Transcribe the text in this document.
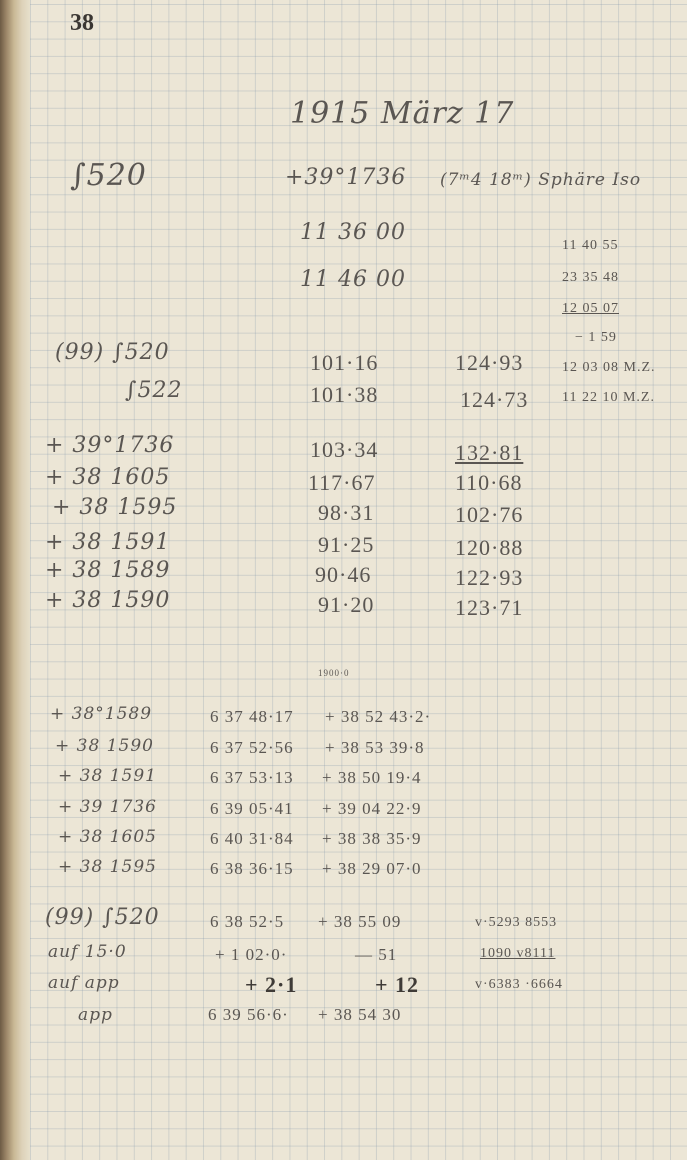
38
1915 März 17
∫520	+39°1736 (7ᵐ4 18ᵐ) Sphäre Iso
11 36 00
11 46 00
11 40 55
23 35 48
12 05 07
− 1 59
12 03 08 M.Z.
11 22 10 M.Z.
(99) ∫520	101·16	124·93
∫522	101·38	124·73
+ 39°1736	103·34	132·81
+ 38 1605	117·67	110·68
+ 38 1595	98·31	102·76
+ 38 1591	91·25	120·88
+ 38 1589	90·46	122·93
+ 38 1590	91·20	123·71
1900·0
+ 38°1589	6 37 48·17 + 38 52 43·2·
+ 38 1590	6 37 52·56 + 38 53 39·8
+ 38 1591	6 37 53·13 + 38 50 19·4
+ 39 1736	6 39 05·41 + 39 04 22·9
+ 38 1605	6 40 31·84 + 38 38 35·9
+ 38 1595	6 38 36·15 + 38 29 07·0
(99) ∫520	6 38 52·5 + 38 55 09	v·5293 8553
auf 15·0	+ 1 02·0·	— 51	1090 v8111
auf app	+ 2·1	+ 12	v·6383 ·6664
app	6 39 56·6· + 38 54 30
